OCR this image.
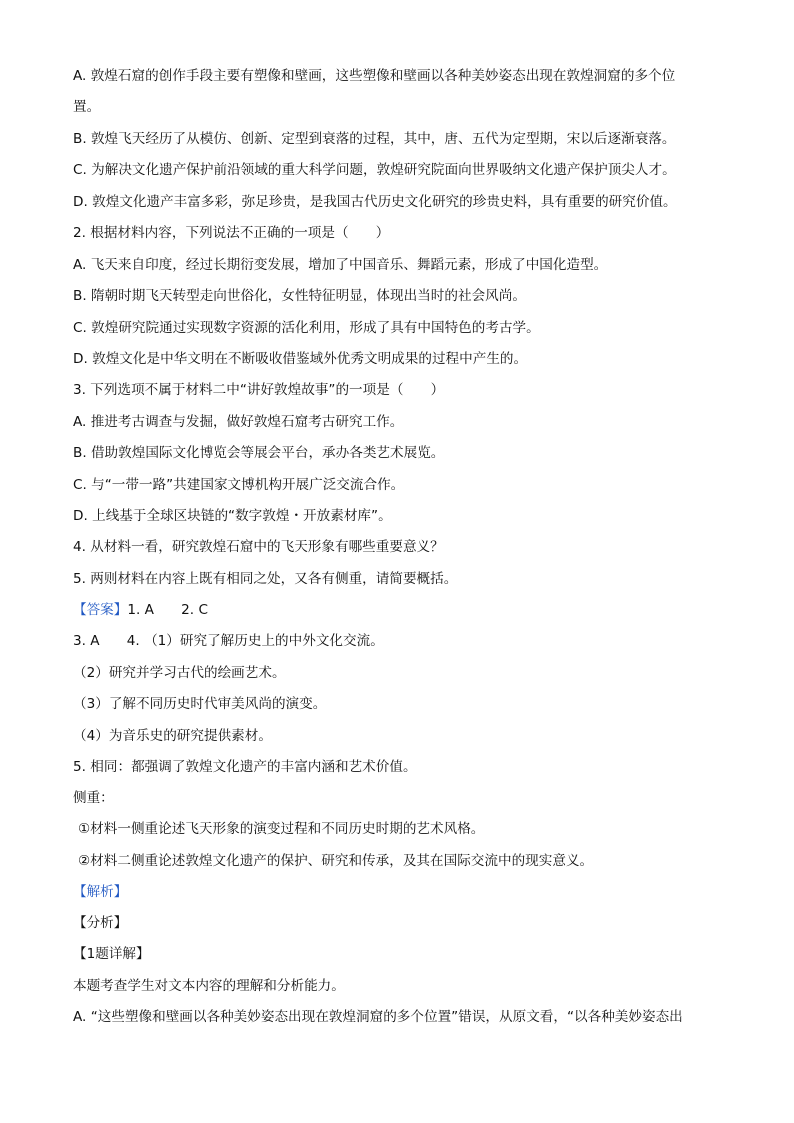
A. 敦煌石窟的创作手段主要有塑像和壁画，这些塑像和壁画以各种美妙姿态出现在敦煌洞窟的多个位
置。
B. 敦煌飞天经历了从模仿、创新、定型到衰落的过程，其中，唐、五代为定型期，宋以后逐渐衰落。
C. 为解决文化遗产保护前沿领域的重大科学问题，敦煌研究院面向世界吸纳文化遗产保护顶尖人才。
D. 敦煌文化遗产丰富多彩，弥足珍贵，是我国古代历史文化研究的珍贵史料，具有重要的研究价值。
2. 根据材料内容，下列说法不正确的一项是（　　）
A. 飞天来自印度，经过长期衍变发展，增加了中国音乐、舞蹈元素，形成了中国化造型。
B. 隋朝时期飞天转型走向世俗化，女性特征明显，体现出当时的社会风尚。
C. 敦煌研究院通过实现数字资源的活化利用，形成了具有中国特色的考古学。
D. 敦煌文化是中华文明在不断吸收借鉴域外优秀文明成果的过程中产生的。
3. 下列选项不属于材料二中“讲好敦煌故事”的一项是（　　）
A. 推进考古调查与发掘，做好敦煌石窟考古研究工作。
B. 借助敦煌国际文化博览会等展会平台，承办各类艺术展览。
C. 与“一带一路”共建国家文博机构开展广泛交流合作。
D. 上线基于全球区块链的“数字敦煌・开放素材库”。
4. 从材料一看，研究敦煌石窟中的飞天形象有哪些重要意义？
5. 两则材料在内容上既有相同之处，又各有侧重，请简要概括。
【答案】1. A　　2. C
3. A　　4. （1）研究了解历史上的中外文化交流。
（2）研究并学习古代的绘画艺术。
（3）了解不同历史时代审美风尚的演变。
（4）为音乐史的研究提供素材。
5. 相同：都强调了敦煌文化遗产的丰富内涵和艺术价值。
侧重：
①材料一侧重论述飞天形象的演变过程和不同历史时期的艺术风格。
②材料二侧重论述敦煌文化遗产的保护、研究和传承，及其在国际交流中的现实意义。
【解析】
【分析】
【1题详解】
本题考查学生对文本内容的理解和分析能力。
A. “这些塑像和壁画以各种美妙姿态出现在敦煌洞窟的多个位置”错误，从原文看，“以各种美妙姿态出
